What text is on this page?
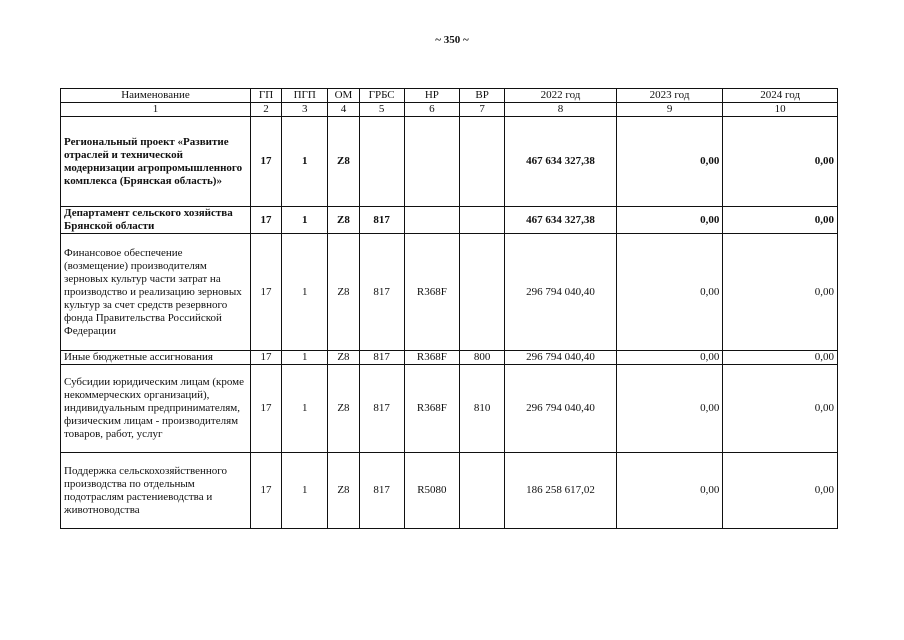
~ 350 ~
Наименование	ГП	ПГП	ОМ	ГРБС	НР	ВР	2022 год	2023 год	2024 год
1	2	3	4	5	6	7	8	9	10
Региональный проект «Развитие отраслей и технической модернизации агропромышленного комплекса (Брянская область)»	17	1	Z8				467 634 327,38	0,00	0,00
Департамент сельского хозяйства Брянской области	17	1	Z8	817			467 634 327,38	0,00	0,00
Финансовое обеспечение (возмещение) производителям зерновых культур части затрат на производство и реализацию зерновых культур за счет средств резервного фонда Правительства Российской Федерации	17	1	Z8	817	R368F		296 794 040,40	0,00	0,00
Иные бюджетные ассигнования	17	1	Z8	817	R368F	800	296 794 040,40	0,00	0,00
Субсидии юридическим лицам (кроме некоммерческих организаций), индивидуальным предпринимателям, физическим лицам - производителям товаров, работ, услуг	17	1	Z8	817	R368F	810	296 794 040,40	0,00	0,00
Поддержка сельскохозяйственного производства по отдельным подотраслям растениеводства и животноводства	17	1	Z8	817	R5080		186 258 617,02	0,00	0,00
